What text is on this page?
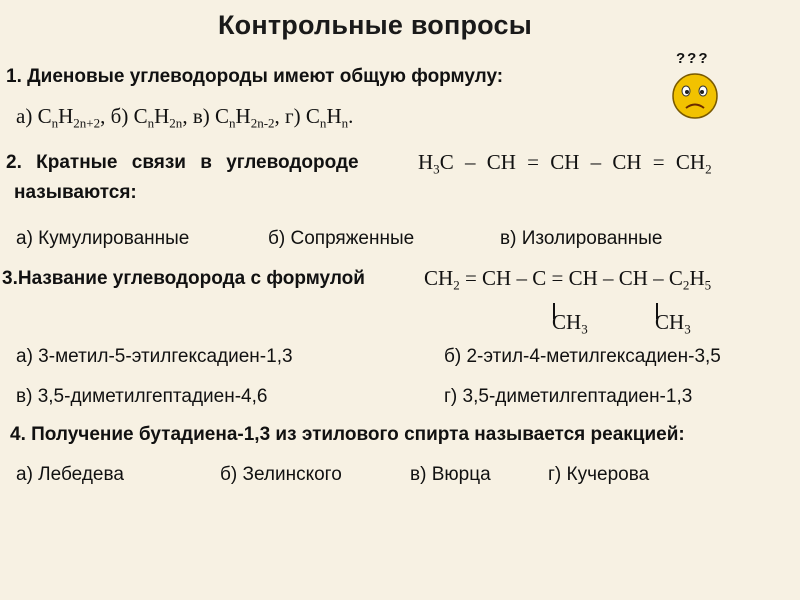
Контрольные вопросы
???
1. Диеновые углеводороды имеют общую формулу:
а) $C_nH_{2n+2}$, б) $C_nH_{2n}$, в) $C_nH_{2n-2}$, г) $C_nH_n$.
2. Кратные связи в углеводороде	$H_3C$ – CH = CH – CH = $CH_2$
называются:
а) Кумулированные	б) Сопряженные	в) Изолированные
3.Название углеводорода с формулой	$CH_2$ = CH – C = CH – CH – $C_2H_5$
$CH_3$	$CH_3$
а) 3-метил-5-этилгексадиен-1,3	б) 2-этил-4-метилгексадиен-3,5
в) 3,5-диметилгептадиен-4,6	г) 3,5-диметилгептадиен-1,3
4. Получение бутадиена-1,3 из этилового спирта называется реакцией:
а) Лебедева	б) Зелинского	в) Вюрца	г) Кучерова
